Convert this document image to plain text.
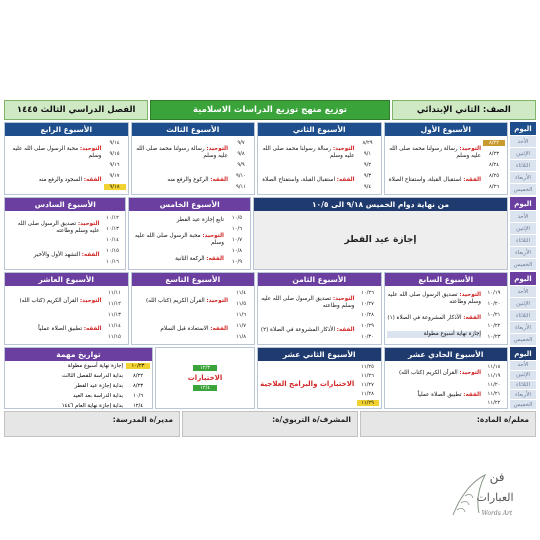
الصف: الثاني الإبتدائي
توزيع منهج توزيع الدراسات الاسلامية
الفصل الدراسي الثالث ١٤٤٥
اليوم
الأحد
الإثنين
الثلاثاء
الأربعاء
الخميس
الأسبوع الأول
٨/٢٢
٨/٢٣
٨/٢٤
٨/٢٥
٨/٢٦
التوحيد: رسالة رسولنا محمد صلى الله عليه وسلم
الفقه: استقبال القبلة، واستفتاح الصلاة
الأسبوع الثاني
٨/٢٩
٩/١
٩/٢
٩/٣
٩/٤
التوحيد: رسالة رسولنا محمد صلى الله عليه وسلم
الفقه: استقبال القبلة، واستفتاح الصلاة
الأسبوع الثالث
٩/٧
٩/٨
٩/٩
٩/١٠
٩/١١
التوحيد: رسالة رسولنا محمد صلى الله عليه وسلم
الفقه: الركوع والرفع منه
الأسبوع الرابع
٩/١٤
٩/١٥
٩/١٦
٩/١٧
٩/١٨
التوحيد: محبة الرسول صلى الله عليه وسلم
الفقه: السجود والرفع منه
اليوم
الأحد
الإثنين
الثلاثاء
الأربعاء
الخميس
من نهاية دوام الخميس ٩/١٨ الى ١٠/٥
إجازة عيد الفطر
الأسبوع الخامس
١٠/٥
١٠/٦
١٠/٧
١٠/٨
١٠/٩
تابع إجازة عيد الفطر
التوحيد: محبة الرسول صلى الله عليه وسلم
الفقه: الركعة الثانية
الأسبوع السادس
١٠/١٢
١٠/١٣
١٠/١٤
١٠/١٥
١٠/١٦
التوحيد: تصديق الرسول صلى الله عليه وسلم وطاعته
الفقه: التشهد الأول والأخير
اليوم
الأحد
الإثنين
الثلاثاء
الأربعاء
الخميس
الأسبوع السابع
١٠/١٩
١٠/٢٠
١٠/٢١
١٠/٢٢
١٠/٢٣
التوحيد: تصديق الرسول صلى الله عليه وسلم وطاعته
الفقه: الأذكار المشروعة في الصلاة (١)
إجازة نهاية أسبوع مطولة
الأسبوع الثامن
١٠/٢٦
١٠/٢٧
١٠/٢٨
١٠/٢٩
١٠/٣٠
التوحيد: تصديق الرسول صلى الله عليه وسلم وطاعته
الفقه: الأذكار المشروعة في الصلاة (٢)
الأسبوع التاسع
١١/٤
١١/٥
١١/٦
١١/٧
١١/٨
التوحيد: القرآن الكريم (كتاب الله)
الفقه: الاستعادة قبل السلام
الأسبوع العاشر
١١/١١
١١/١٢
١١/١٣
١١/١٤
١١/١٥
التوحيد: القرآن الكريم (كتاب الله)
الفقه: تطبيق الصلاة عملياً
اليوم
الأحد
الإثنين
الثلاثاء
الأربعاء
الخميس
الأسبوع الحادي عشر
١١/١٨
١١/١٩
١١/٢٠
١١/٢١
١١/٢٢
التوحيد: القرآن الكريم (كتاب الله)
الفقه: تطبيق الصلاة عملياً
الأسبوع الثاني عشر
١١/٢٥
١١/٢٦
١١/٢٧
١١/٢٨
١١/٢٩
الاختبارات والبرامج العلاجية
١٢/٣
الاختبارات
١٢/٤
تواريخ مهمة
١٠/٢٣
إجازة نهاية أسبوع مطولة
٨/٢٢
بداية الدراسة للفصل الثالث
٨/٢٣
بداية إجازة عيد الفطر
١٠/٦
بداية الدراسة بعد العيد
١٢/٤
بداية إجازة نهاية العام ١٤٤٦
معلم/ة المادة:
المشرف/ة التربوي/ة:
مدير/ة المدرسة:
فن
العبارات
Words Art
